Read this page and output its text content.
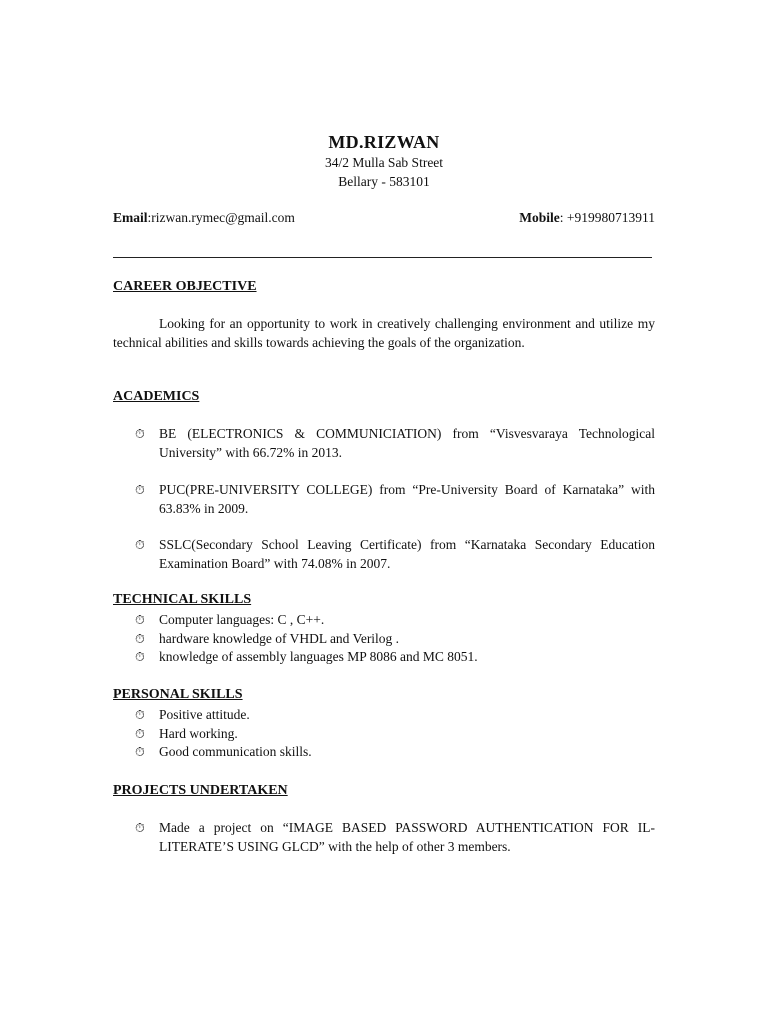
MD.RIZWAN
34/2 Mulla Sab Street
Bellary - 583101
Email:rizwan.rymec@gmail.com	Mobile: +919980713911
CAREER OBJECTIVE
Looking for an opportunity to work in creatively challenging environment and utilize my technical abilities and skills towards achieving the goals of the organization.
ACADEMICS
⏱ BE (ELECTRONICS & COMMUNICIATION) from “Visvesvaraya Technological University” with 66.72% in 2013.
⏱ PUC(PRE-UNIVERSITY COLLEGE) from “Pre-University Board of Karnataka” with 63.83% in 2009.
⏱ SSLC(Secondary School Leaving Certificate) from “Karnataka Secondary Education Examination Board” with 74.08% in 2007.
TECHNICAL SKILLS
⏱ Computer languages: C , C++.
⏱ hardware knowledge of VHDL and Verilog .
⏱ knowledge of assembly languages MP 8086 and MC 8051.
PERSONAL SKILLS
⏱ Positive attitude.
⏱ Hard working.
⏱ Good communication skills.
PROJECTS UNDERTAKEN
⏱ Made a project on “IMAGE BASED PASSWORD AUTHENTICATION FOR IL-LITERATE’S USING GLCD” with the help of other 3 members.
